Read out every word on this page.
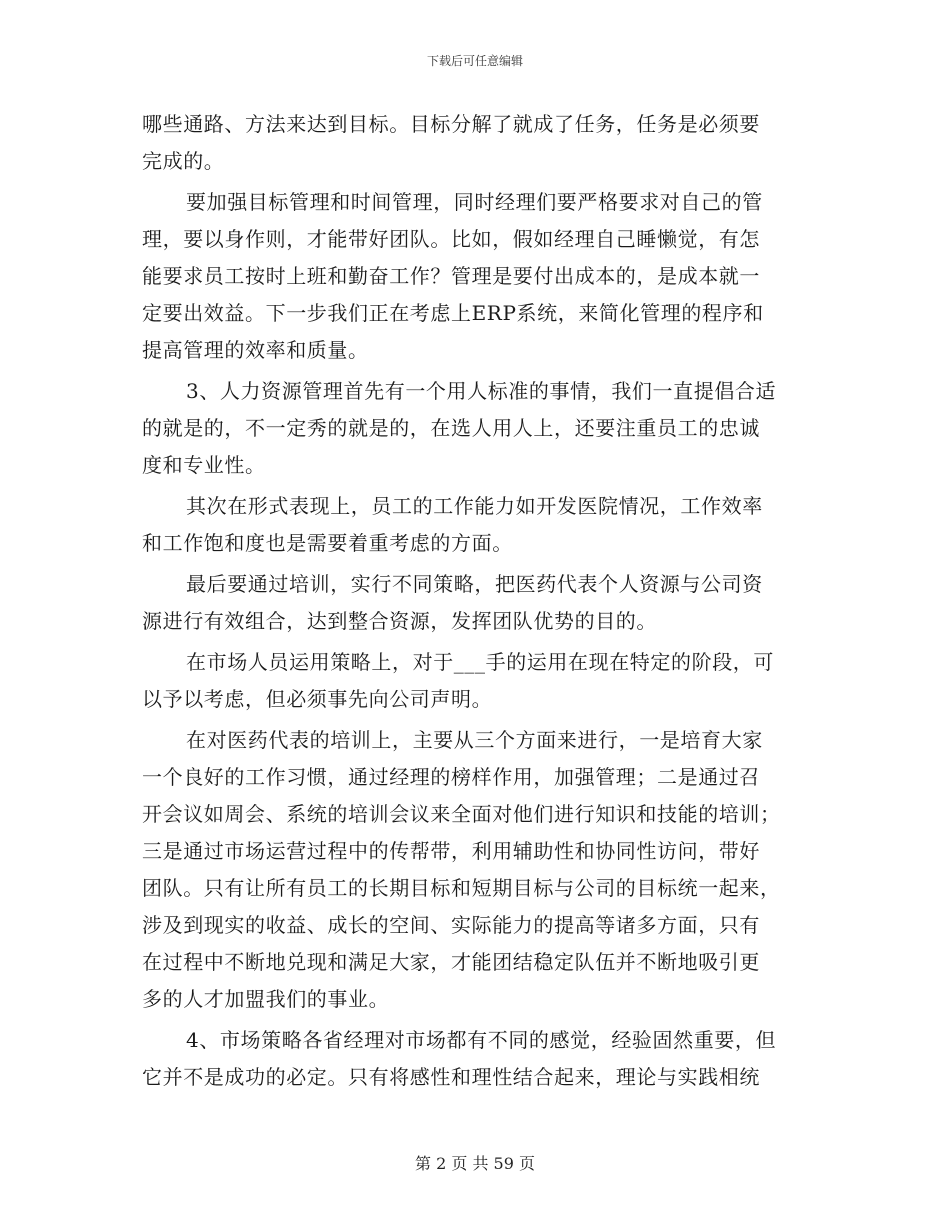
下载后可任意编辑
哪些通路、方法来达到目标。目标分解了就成了任务，任务是必须要
完成的。
要加强目标管理和时间管理，同时经理们要严格要求对自己的管
理，要以身作则，才能带好团队。比如，假如经理自己睡懒觉，有怎
能要求员工按时上班和勤奋工作？管理是要付出成本的，是成本就一
定要出效益。下一步我们正在考虑上ERP系统，来简化管理的程序和
提高管理的效率和质量。
3、人力资源管理首先有一个用人标准的事情，我们一直提倡合适
的就是的，不一定秀的就是的，在选人用人上，还要注重员工的忠诚
度和专业性。
其次在形式表现上，员工的工作能力如开发医院情况，工作效率
和工作饱和度也是需要着重考虑的方面。
最后要通过培训，实行不同策略，把医药代表个人资源与公司资
源进行有效组合，达到整合资源，发挥团队优势的目的。
在市场人员运用策略上，对于___手的运用在现在特定的阶段，可
以予以考虑，但必须事先向公司声明。
在对医药代表的培训上，主要从三个方面来进行，一是培育大家
一个良好的工作习惯，通过经理的榜样作用，加强管理；二是通过召
开会议如周会、系统的培训会议来全面对他们进行知识和技能的培训；
三是通过市场运营过程中的传帮带，利用辅助性和协同性访问，带好
团队。只有让所有员工的长期目标和短期目标与公司的目标统一起来，
涉及到现实的收益、成长的空间、实际能力的提高等诸多方面，只有
在过程中不断地兑现和满足大家，才能团结稳定队伍并不断地吸引更
多的人才加盟我们的事业。
4、市场策略各省经理对市场都有不同的感觉，经验固然重要，但
它并不是成功的必定。只有将感性和理性结合起来，理论与实践相统
第 2 页 共 59 页
